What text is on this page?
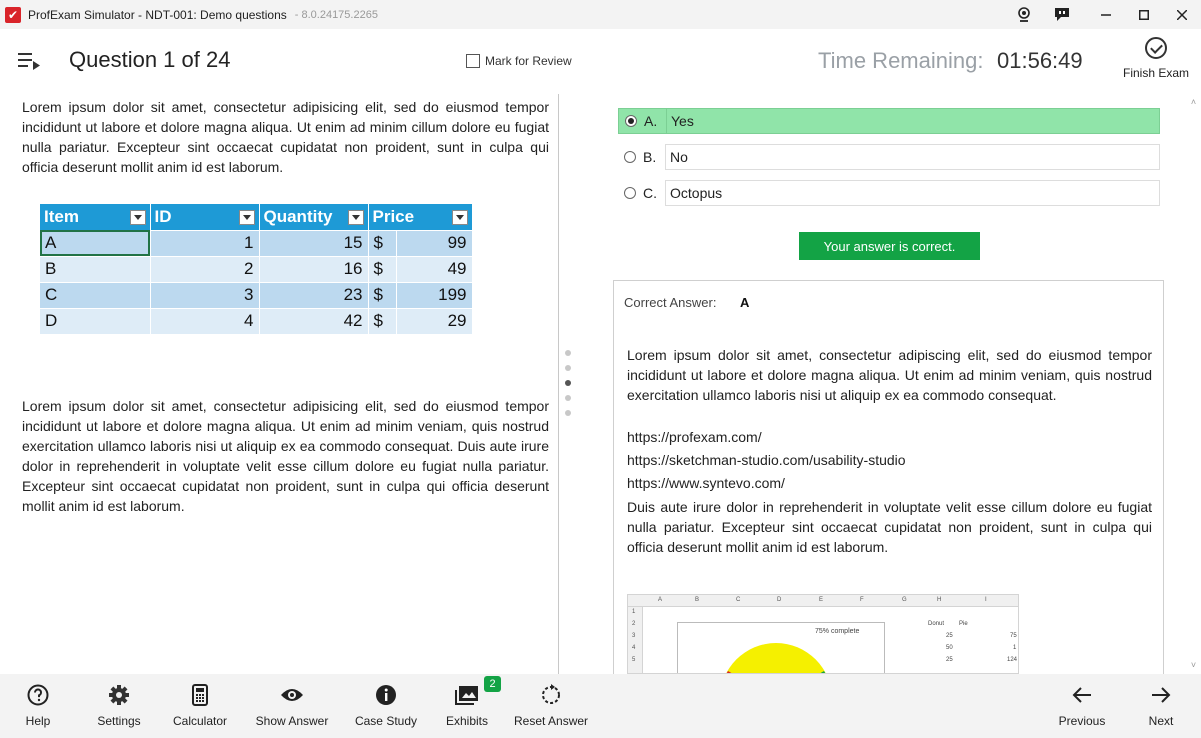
✔ ProfExam Simulator - NDT-001: Demo questions - 8.0.24175.2265
Question 1 of 24	Mark for Review	Time Remaining: 01:56:49	Finish Exam
Lorem ipsum dolor sit amet, consectetur adipisicing elit, sed do eiusmod tempor incididunt ut labore et dolore magna aliqua. Ut enim ad minim cillum dolore eu fugiat nulla pariatur. Excepteur sint occaecat cupidatat non proident, sunt in culpa qui officia deserunt mollit anim id est laborum.
Item	ID	Quantity	Price	

A	1	15	$	99
B	2	16	$	49
C	3	23	$	199
D	4	42	$	29
Lorem ipsum dolor sit amet, consectetur adipisicing elit, sed do eiusmod tempor incididunt ut labore et dolore magna aliqua. Ut enim ad minim veniam, quis nostrud exercitation ullamco laboris nisi ut aliquip ex ea commodo consequat. Duis aute irure dolor in reprehenderit in voluptate velit esse cillum dolore eu fugiat nulla pariatur. Excepteur sint occaecat cupidatat non proident, sunt in culpa qui officia deserunt mollit anim id est laborum.
A. Yes
B. No
C. Octopus
Your answer is correct.
Correct Answer: A
Lorem ipsum dolor sit amet, consectetur adipiscing elit, sed do eiusmod tempor incididunt ut labore et dolore magna aliqua. Ut enim ad minim veniam, quis nostrud exercitation ullamco laboris nisi ut aliquip ex ea commodo consequat.
https://profexam.com/
https://sketchman-studio.com/usability-studio
https://www.syntevo.com/
Duis aute irure dolor in reprehenderit in voluptate velit esse cillum dolore eu fugiat nulla pariatur. Excepteur sint occaecat cupidatat non proident, sunt in culpa qui officia deserunt mollit anim id est laborum.
A	B	C	D	E	F	G	H	I
1
2
3
4
5
75% complete
Donut Pie
25	75
50	1
25	124
˄
˅
Help	Settings	Calculator Show Answer Case Study	Exhibits
2
Reset Answer	Previous	Next
